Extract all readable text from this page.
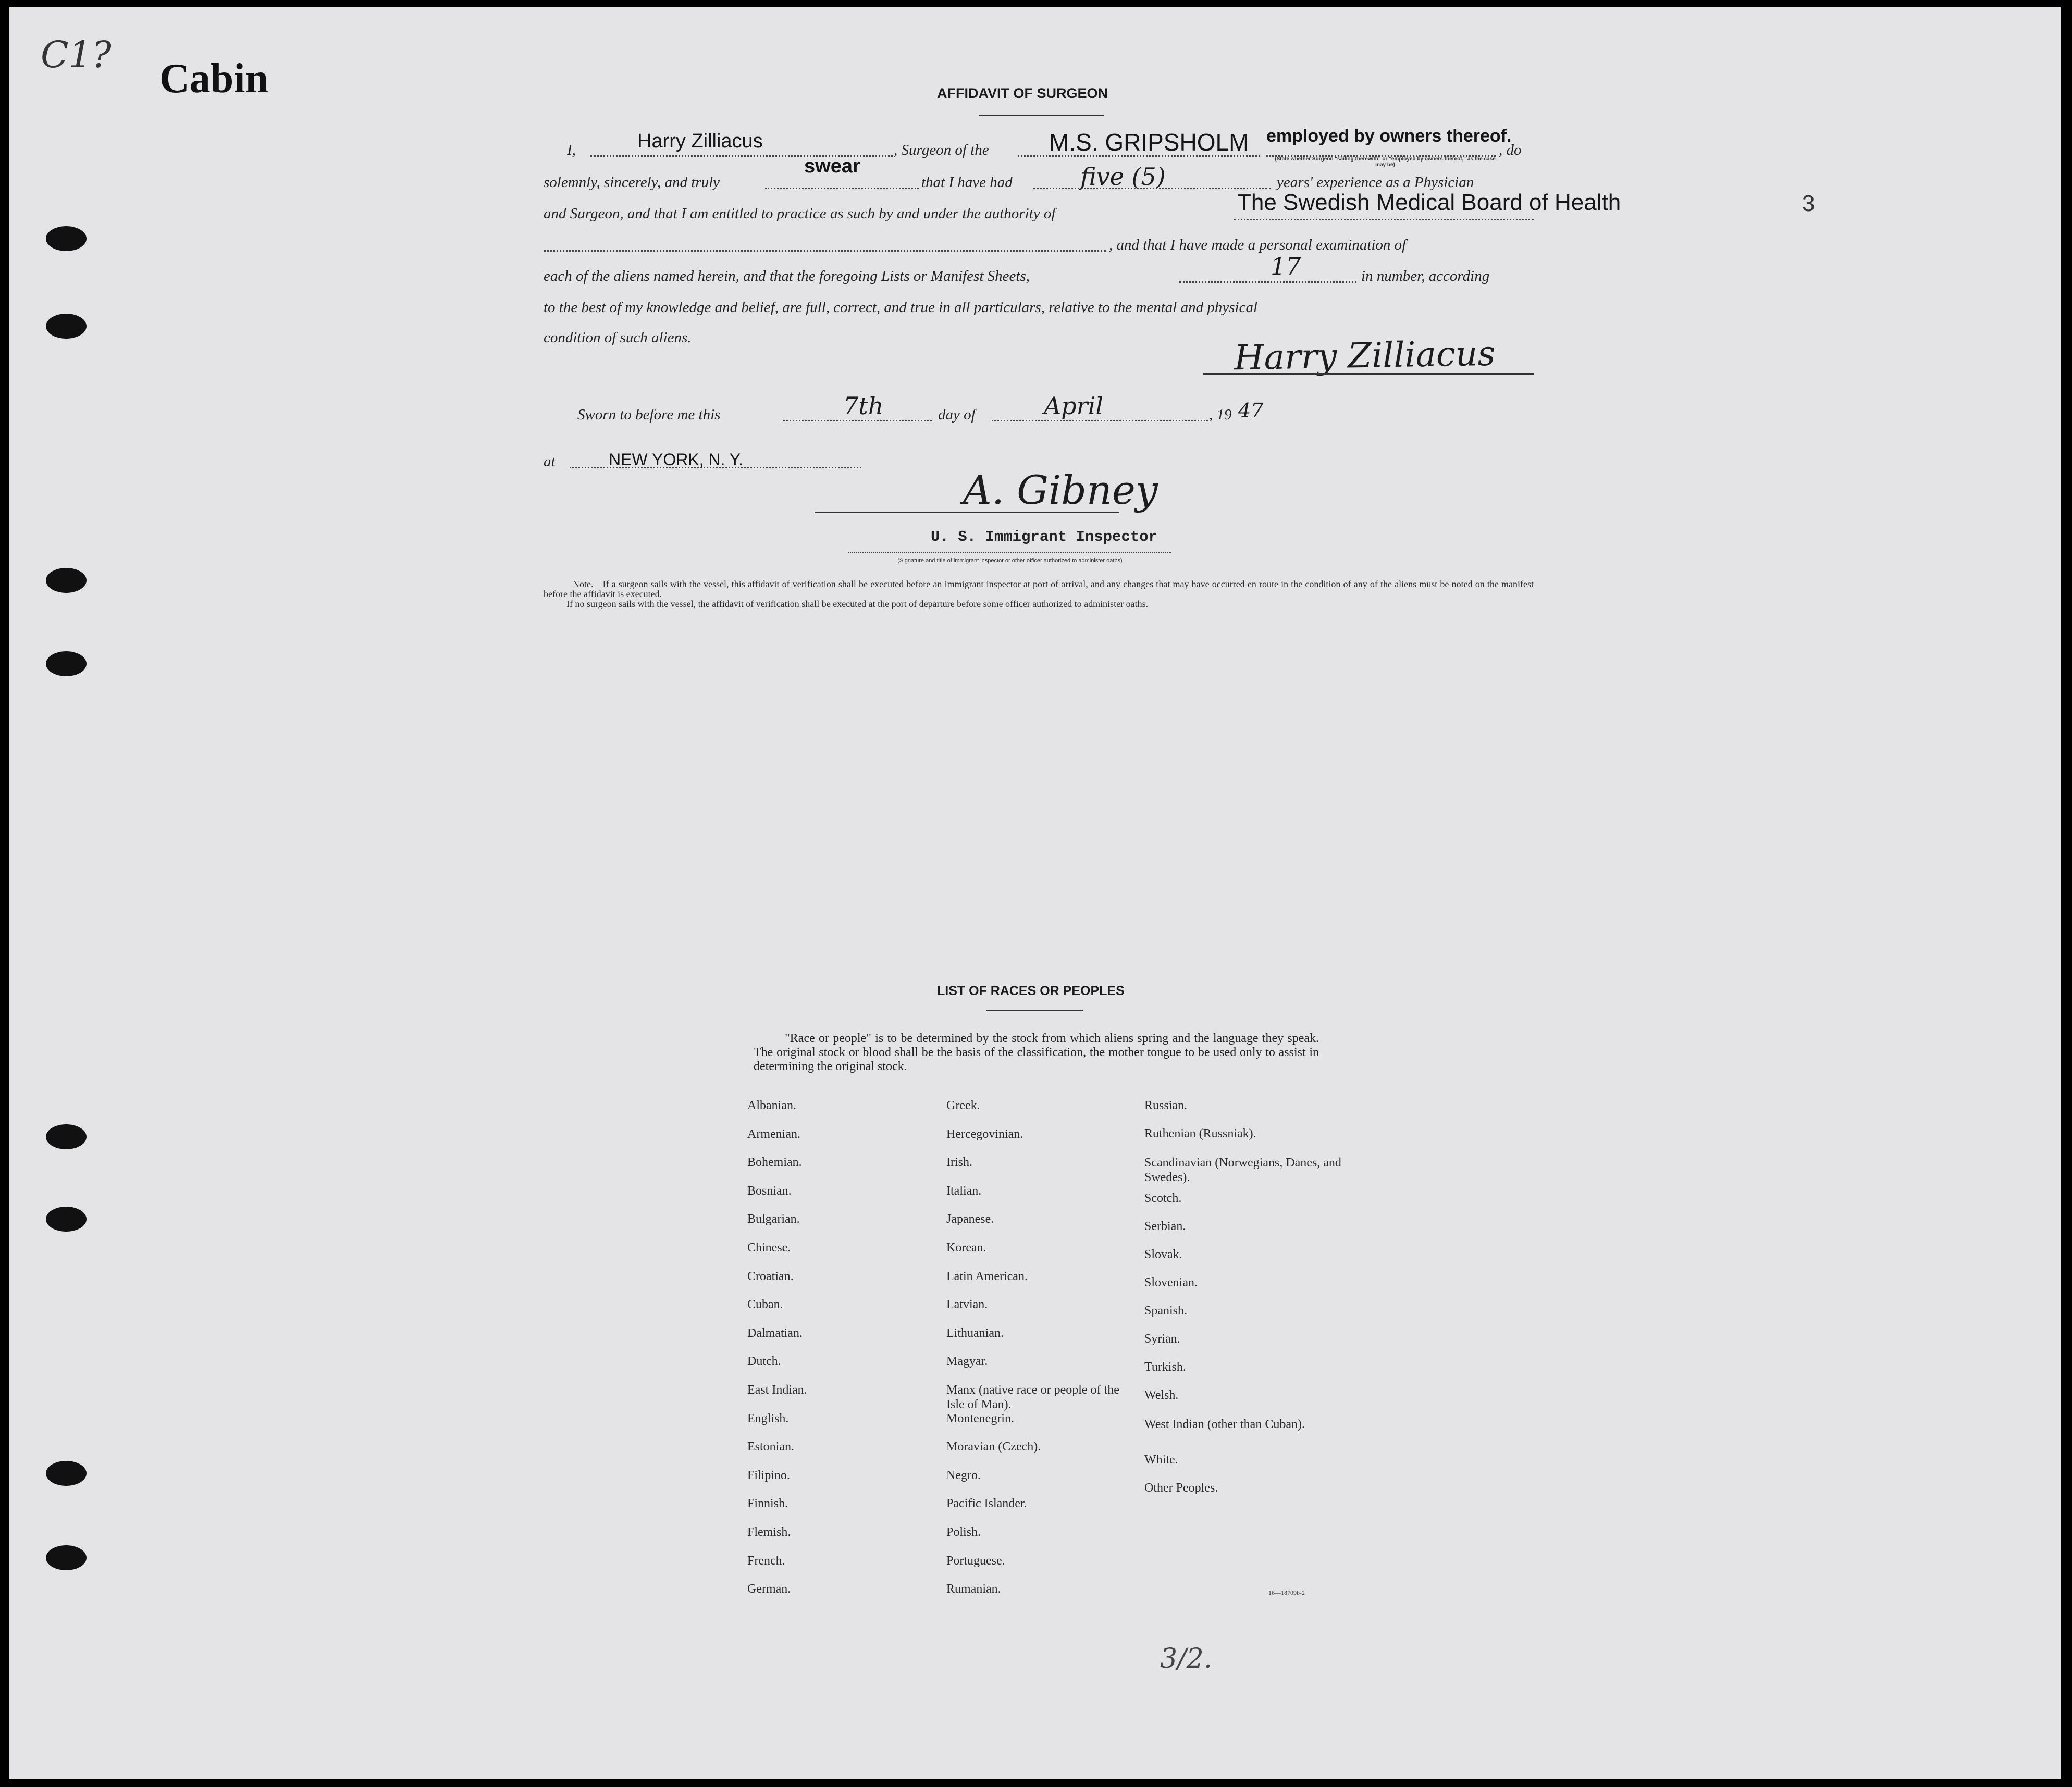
C1?
Cabin
3
AFFIDAVIT OF SURGEON
I,	Harry Zilliacus	, Surgeon of the	M.S. GRIPSHOLM employed by owners thereof.
, do
(State whether Surgeon "sailing therewith" or "employed by owners thereof," as the case may be)
solemnly, sincerely, and truly
swear
that I have had	five (5)	years' experience as a Physician
and Surgeon, and that I am entitled to practice as such by and under the authority of	The Swedish Medical Board of Health
, and that I have made a personal examination of
each of the aliens named herein, and that the foregoing Lists or Manifest Sheets,	17	in number, according
to the best of my knowledge and belief, are full, correct, and true in all particulars, relative to the mental and physical
condition of such aliens.	Harry Zilliacus
Sworn to before me this	7th	day of	April	, 19 47
at	NEW YORK, N. Y.
A. Gibney
U. S. Immigrant Inspector
(Signature and title of immigrant inspector or other officer authorized to administer oaths)
Note.—If a surgeon sails with the vessel, this affidavit of verification shall be executed before an immigrant inspector at port of arrival, and any changes that may have occurred en route in the condition of any of the aliens must be noted on the manifest before the affidavit is executed.
If no surgeon sails with the vessel, the affidavit of verification shall be executed at the port of departure before some officer authorized to administer oaths.
LIST OF RACES OR PEOPLES
"Race or people" is to be determined by the stock from which aliens spring and the language they speak. The original stock or blood shall be the basis of the classification, the mother tongue to be used only to assist in determining the original stock.
Albanian.
Armenian.
Bohemian.
Bosnian.
Bulgarian.
Chinese.
Croatian.
Cuban.
Dalmatian.
Dutch.
East Indian.
English.
Estonian.
Filipino.
Finnish.
Flemish.
French.
German.
Greek.
Hercegovinian.
Irish.
Italian.
Japanese.
Korean.
Latin American.
Latvian.
Lithuanian.
Magyar.
Manx (native race or people of the Isle of Man).
Montenegrin.
Moravian (Czech).
Negro.
Pacific Islander.
Polish.
Portuguese.
Rumanian.
Russian.
Ruthenian (Russniak).
Scandinavian (Norwegians, Danes, and Swedes).
Scotch.
Serbian.
Slovak.
Slovenian.
Spanish.
Syrian.
Turkish.
Welsh.
West Indian (other than Cuban).
White.
Other Peoples.
16—18709b-2
3/2.
